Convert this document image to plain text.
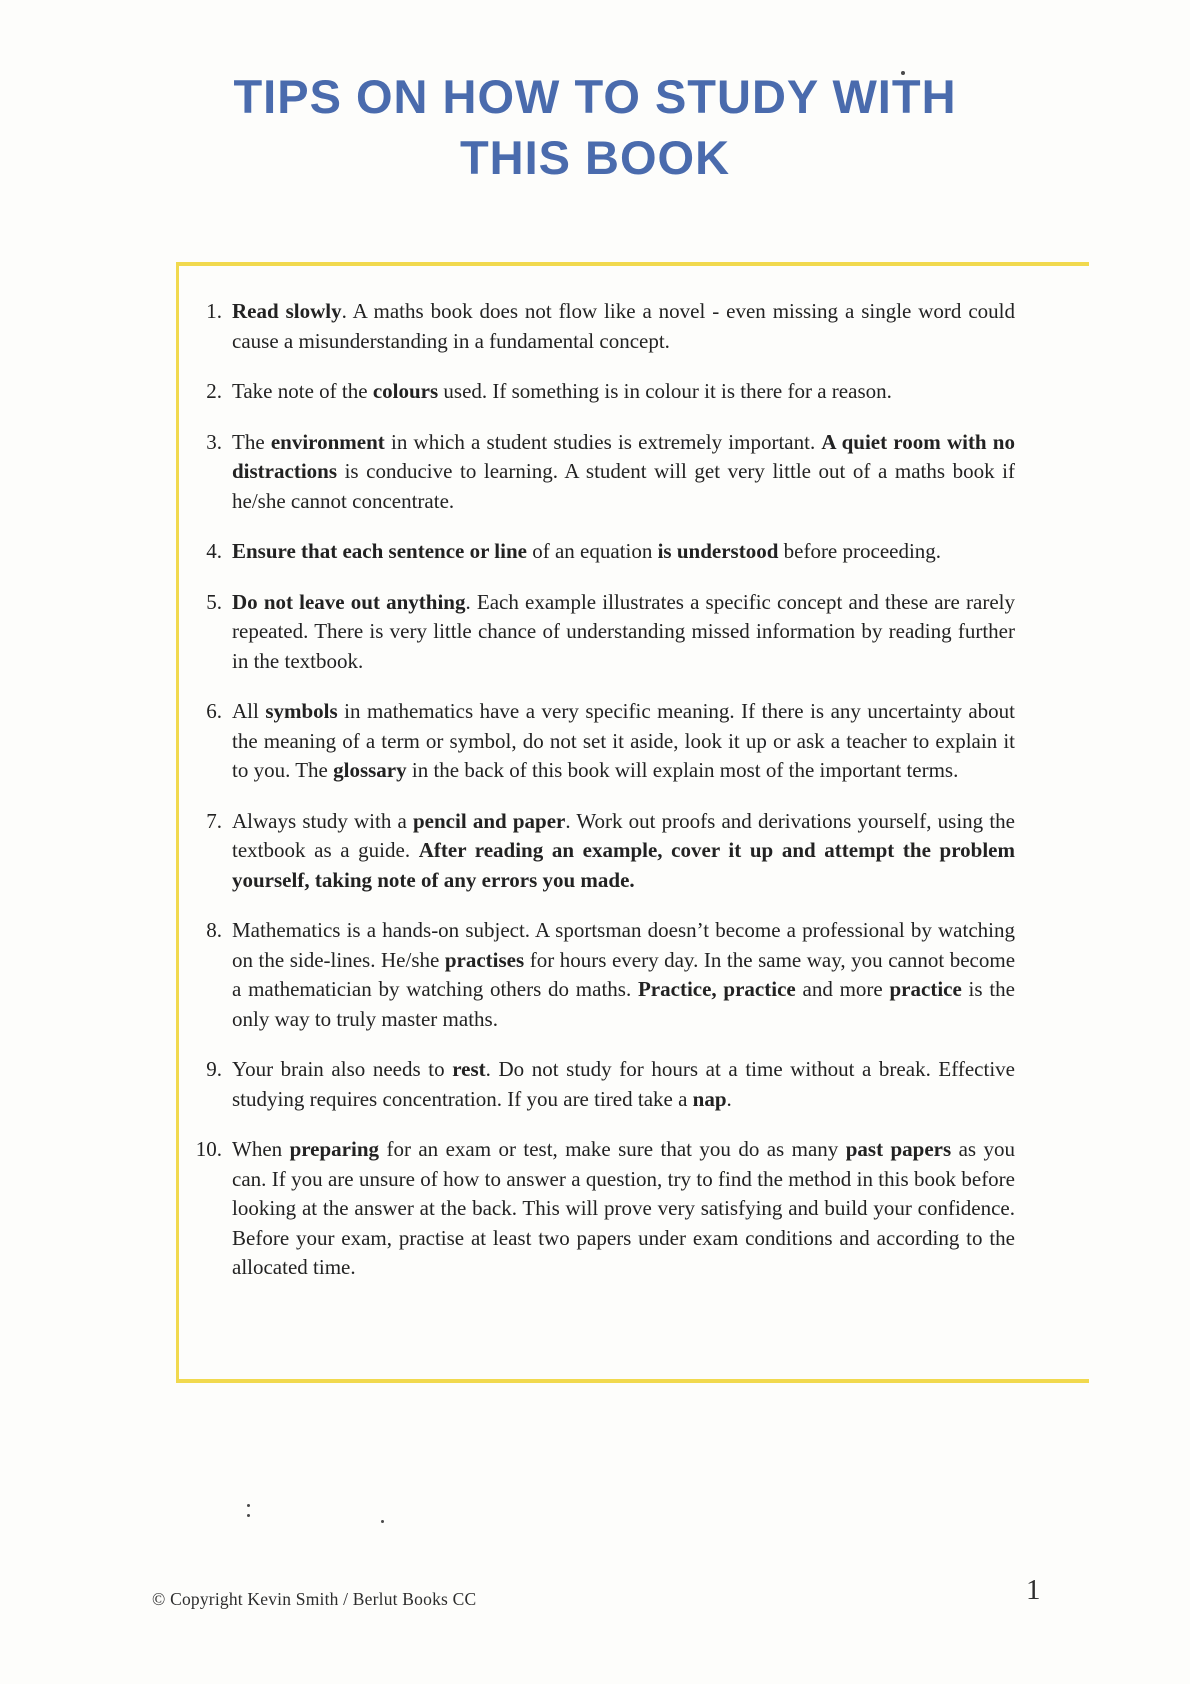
TIPS ON HOW TO STUDY WITH
THIS BOOK
1. Read slowly. A maths book does not flow like a novel - even missing a single word could cause a misunderstanding in a fundamental concept.
2. Take note of the colours used. If something is in colour it is there for a reason.
3. The environment in which a student studies is extremely important. A quiet room with no distractions is conducive to learning. A student will get very little out of a maths book if he/she cannot concentrate.
4. Ensure that each sentence or line of an equation is understood before proceeding.
5. Do not leave out anything. Each example illustrates a specific concept and these are rarely repeated. There is very little chance of understanding missed information by reading further in the textbook.
6. All symbols in mathematics have a very specific meaning. If there is any uncertainty about the meaning of a term or symbol, do not set it aside, look it up or ask a teacher to explain it to you. The glossary in the back of this book will explain most of the important terms.
7. Always study with a pencil and paper. Work out proofs and derivations yourself, using the textbook as a guide. After reading an example, cover it up and attempt the problem yourself, taking note of any errors you made.
8. Mathematics is a hands-on subject. A sportsman doesn’t become a professional by watching on the side-lines. He/she practises for hours every day. In the same way, you cannot become a mathematician by watching others do maths. Practice, practice and more practice is the only way to truly master maths.
9. Your brain also needs to rest. Do not study for hours at a time without a break. Effective studying requires concentration. If you are tired take a nap.
10. When preparing for an exam or test, make sure that you do as many past papers as you can. If you are unsure of how to answer a question, try to find the method in this book before looking at the answer at the back. This will prove very satisfying and build your confidence. Before your exam, practise at least two papers under exam conditions and according to the allocated time.
© Copyright Kevin Smith / Berlut Books CC	1
